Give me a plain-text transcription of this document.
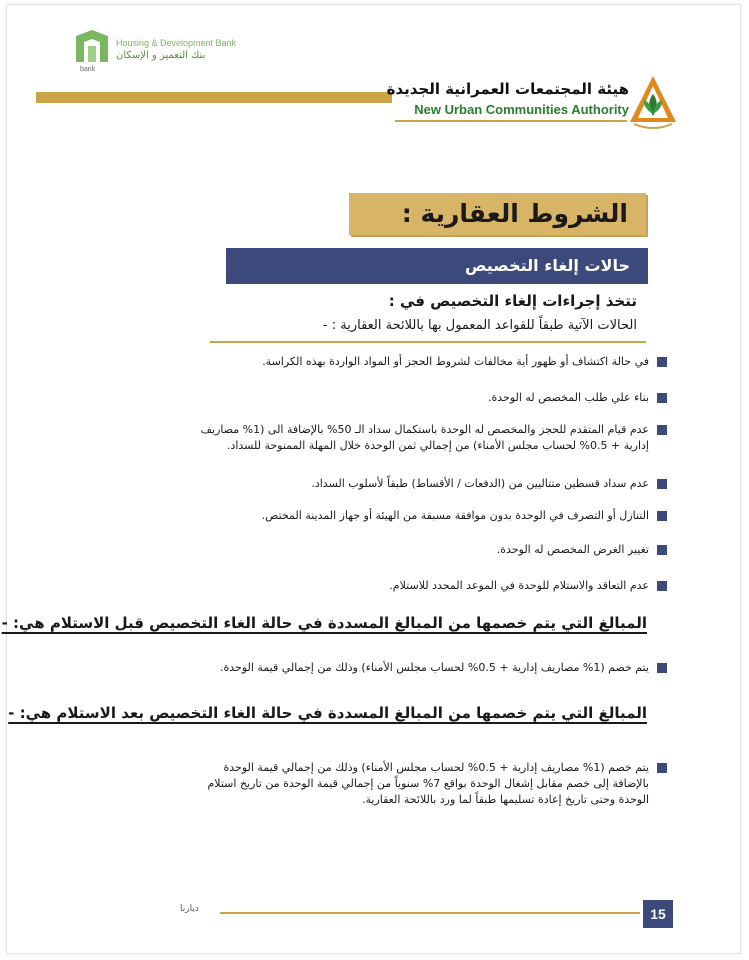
Housing & Development Bank
بنك التعمير و الإسكان
bank
هيئة المجتمعات العمرانية الجديدة
New Urban Communities Authority
الشروط العقارية :
حالات إلغاء التخصيص
تتخذ إجراءات إلغاء التخصيص في :
الحالات الآتية طبقاً للقواعد المعمول بها باللائحة العقارية : -
في حالة اكتشاف أو ظهور أية مخالفات لشروط الحجز أو المواد الواردة بهذه الكراسة.
بناء علي طلب المخصص له الوحدة.
عدم قيام المتقدم للحجز والمخصص له الوحدة باستكمال سداد الـ 50% بالإضافة الى (1% مصاريف
إدارية + 0.5% لحساب مجلس الأمناء) من إجمالي ثمن الوحدة خلال المهلة الممنوحة للسداد.
عدم سداد قسطين متتاليين من (الدفعات / الأقساط) طبقاً لأسلوب السداد.
التنازل أو التصرف في الوحدة بدون موافقة مسبقة من الهيئة أو جهاز المدينة المختص.
تغيير الغرض المخصص له الوحدة.
عدم التعاقد والاستلام للوحدة في الموعد المحدد للاستلام.
المبالغ التي يتم خصمها من المبالغ المسددة في حالة الغاء التخصيص قبل الاستلام هي: -
يتم خصم (1% مصاريف إدارية + 0.5% لحساب مجلس الأمناء) وذلك من إجمالي قيمة الوحدة.
المبالغ التي يتم خصمها من المبالغ المسددة في حالة الغاء التخصيص بعد الاستلام هي: -
يتم خصم (1% مصاريف إدارية + 0.5% لحساب مجلس الأمناء) وذلك من إجمالي قيمة الوحدة
بالإضافة إلى خصم مقابل إشغال الوحدة بواقع 7% سنوياً من إجمالي قيمة الوحدة من تاريخ استلام
الوحدة وحتى تاريخ إعادة تسليمها طبقاً لما ورد باللائحة العقارية.
ديارنا	15
